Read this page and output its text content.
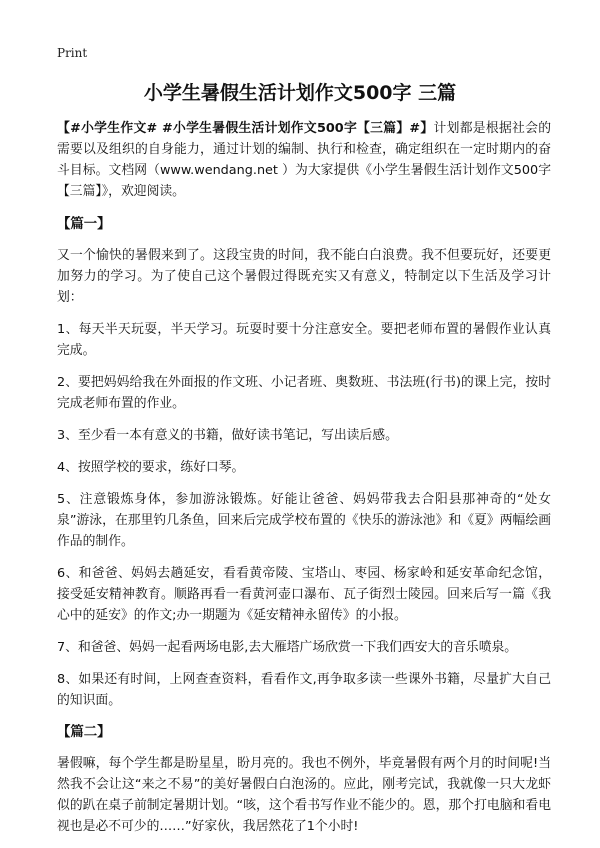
Print
小学生暑假生活计划作文500字 三篇

【#小学生作文# #小学生暑假生活计划作文500字【三篇】#】计划都是根据社会的需要以及组织的自身能力，通过计划的编制、执行和检查，确定组织在一定时期内的奋斗目标。文档网（www.wendang.net ）为大家提供《小学生暑假生活计划作文500字【三篇】》，欢迎阅读。

【篇一】

又一个愉快的暑假来到了。这段宝贵的时间，我不能白白浪费。我不但要玩好，还要更加努力的学习。为了使自己这个暑假过得既充实又有意义，特制定以下生活及学习计划：

1、每天半天玩耍，半天学习。玩耍时要十分注意安全。要把老师布置的暑假作业认真完成。

2、要把妈妈给我在外面报的作文班、小记者班、奥数班、书法班(行书)的课上完，按时完成老师布置的作业。

3、至少看一本有意义的书籍，做好读书笔记，写出读后感。

4、按照学校的要求，练好口琴。

5、注意锻炼身体，参加游泳锻炼。好能让爸爸、妈妈带我去合阳县那神奇的“处女泉”游泳，在那里钓几条鱼，回来后完成学校布置的《快乐的游泳池》和《夏》两幅绘画作品的制作。

6、和爸爸、妈妈去趟延安，看看黄帝陵、宝塔山、枣园、杨家岭和延安革命纪念馆，接受延安精神教育。顺路再看一看黄河壶口瀑布、瓦子街烈士陵园。回来后写一篇《我心中的延安》的作文;办一期题为《延安精神永留传》的小报。

7、和爸爸、妈妈一起看两场电影,去大雁塔广场欣赏一下我们西安大的音乐喷泉。

8、如果还有时间，上网查查资料，看看作文,再争取多读一些课外书籍，尽量扩大自己的知识面。

【篇二】

暑假嘛，每个学生都是盼星星，盼月亮的。我也不例外，毕竟暑假有两个月的时间呢!当然我不会让这“来之不易”的美好暑假白白泡汤的。应此，刚考完试，我就像一只大龙虾似的趴在桌子前制定暑期计划。“咳，这个看书写作业不能少的。恩，那个打电脑和看电视也是必不可少的……”好家伙，我居然花了1个小时!
